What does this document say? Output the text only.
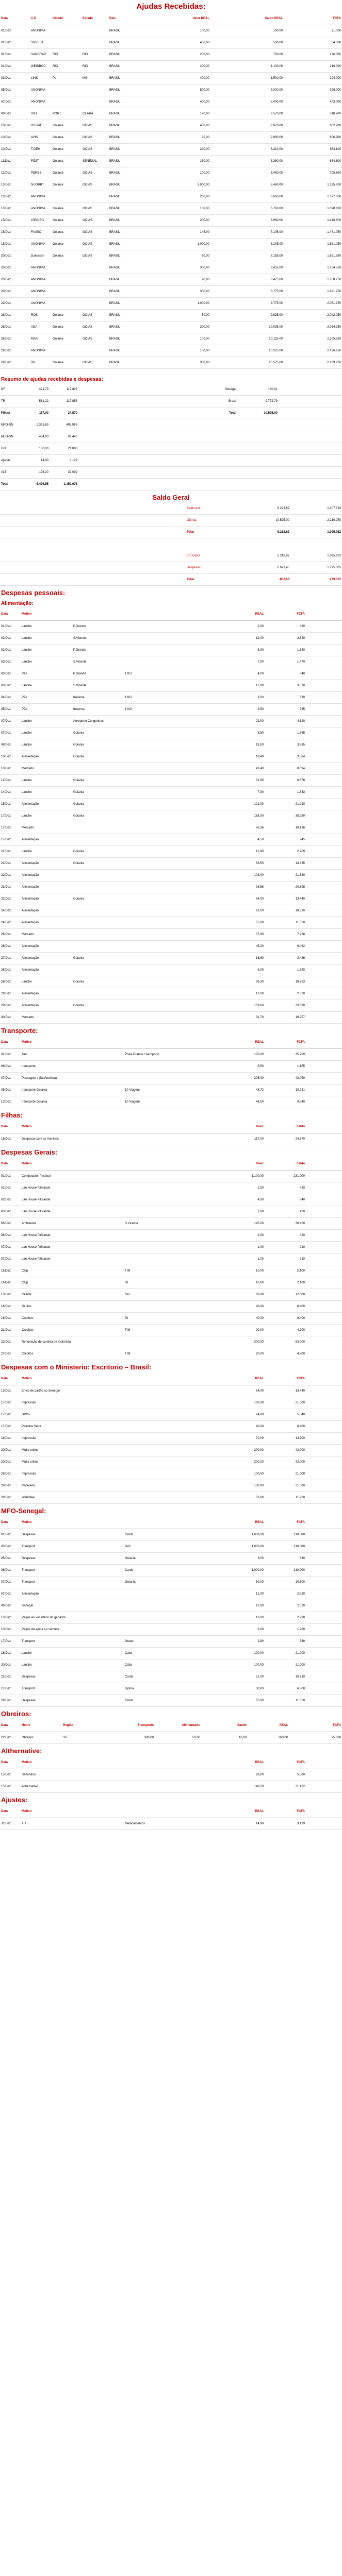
Ajudas Recebidas:
Data	C.P.	Cidade	Estado	País		Valor REAL		Saldo REAL	FCFA
01/Dez	ANONIMA			BRASIL		100,00		100,00	21.000
01/Dez	SILVEST			BRASIL		400,00		500,00	84.000
01/Dez	SANDRAP	RIO	RIO	BRASIL		200,00		700,00	126.000
01/Dez	WEIDBOC	RIO	RIO	BRASIL		400,00		1.100,00	210.000
03/Dez	LINK	PL	MG	BRASIL		400,00		1.500,00	294.000
05/Dez	ANONIMA			BRASIL		500,00		2.000,00	399.000
07/Dez	ANONIMA			BRASIL		400,00		2.400,00	483.000
09/Dez	IVEL	PORT	CEARÁ	BRASIL		170,00		2.570,00	518.700
10/Dez	IGEPAF	Goiania	GOIAS	BRASIL		400,00		2.970,00	602.700
10/Dez	AVIS	Goiania	GOIAS	BRASIL		20,00		2.990,00	606.900
10/Dez	T.GEM	Goiania	GOIAS	BRASIL		220,00		3.210,00	653.100
11/Dez	FIDIT	Goiania	SÉNEGAL	BRASIL		150,00		3.360,00	684.600
12/Dez	PERES	Goiania	GOIAS	BRASIL		100,00		3.460,00	705.600
13/Dez	NUORBT	Goiania	GOIAS	BRASIL		3.000,00		6.460,00	1.335.600
13/Dez	ANONIMA			BRASIL		200,00		6.660,00	1.377.600
13/Dez	ANONIMA	Goiania	GOIAS	BRASIL		100,00		6.760,00	1.398.600
15/Dez	CIEGIEG	Goiania	GOIAS	BRASIL		200,00		6.960,00	1.440.600
15/Dez	FAUSO	Goiania	GOIAS	BRASIL		145,00		7.105,00	1.471.050
18/Dez	ANONIMA	Goiania	GOIAS	BRASIL		1.000,00		8.105,00	1.681.050
20/Dez	Damasan	Goiania	GOIAS	BRASIL		50,00		8.155,00	1.691.550
20/Dez	ANONIMA			BRASIL		300,00		8.455,00	1.754.550
20/Dez	ANONIMA			BRASIL		20,00		8.475,00	1.758.750
20/Dez	ANONIMA			BRASIL		300,00		8.775,00	1.821.750
22/Dez	ANONIMA			BRASIL		1.000,00		9.775,00	2.031.750
28/Dez	ROS	Goiania	GOIAS	BRASIL		50,00		9.825,00	2.042.250
28/Dez	ADA	Goiania	GOIAS	BRASIL		200,00		10.025,00	2.084.250
28/Dez	MAS	Goiania	GOIAS	BRASIL		100,00		10.125,00	2.105.250
29/Dez	ANONIMA			BRASIL		100,00		10.225,00	2.126.250
29/Dez	DP	Goiania	GOIAS	BRASIL		300,00		10.525,00	2.189.250
Resumo de ajudas recebidas e despesas:
DF	421,79	117.823		Sénégal	160,01		
TR	561,22	117.853		Brasil	9.772,79		
Filhas	117,00	24.570		Total	10.525,00		
MFO-SN	2.361,69	495.955					
MFO-SN	464,00	97.440					
Gril	100,00	21.000					
Ajudas	14,90	3.129					
ALT	176,20	37.002					
Total	5.476,55	1.150.076					
Saldo Geral
	Saldo ant.	5.273,89	1.107.519
	Ofertas	10.525,00	2.210.250
	Total	5.218,82	1.095.952

	Em Caixa	5.218,82	1.095.952
	Despesas	6.071,45	1.275.005
	Total	-852,63	-179.053
Despesas pessoais:
Alimentação:
Data	Motivo			REAL	FCFA	
01/Dez	Lanche	P.Grande		2,00	420	
02/Dez	Lanche	S.Vicente		12,00	2.520	
02/Dez	Lanche	P.Grande		8,00	1.680	
03/Dez	Lanche	S.Vicente		7,00	1.470	
03/Dez	Pão	P.Grande	1 KG	4,00	840	
03/Dez	Lanche	S.Vicente		17,00	3.570	
04/Dez	Pão	Iracema	1 KG	3,00	630	
05/Dez	Pão	Iracema	1 KG	3,50	735	
07/Dez	Lanche	Aeroporto Congonhas		22,00	4.620	
07/Dez	Lanche	Goiania		8,50	1.785	
08/Dez	Lanche	Goiania		18,50	3.885	
10/Dez	Alimentação	Goiania		18,40	3.864	
10/Dez	Mercado			41,40	8.694	
12/Dez	Lanche	Goiania		31,80	6.678	
14/Dez	Lanche	Goiania		7,30	1.533	
15/Dez	Alimentação	Goiania		101,00	21.210	
17/Dez	Lanche	Goiania		168,00	35.280	
17/Dez	Mercado			86,36	18.136	
17/Dez	Alimentação			4,50	945	
21/Dez	Lanche	Goiania		12,90	2.709	
21/Dez	Alimentação	Goiania		63,50	13.335	
22/Dez	Alimentação			103,00	21.630	
23/Dez	Alimentação			98,56	20.698	
23/Dez	Alimentação	Goiania		64,00	13.440	
24/Dez	Alimentação			92,00	19.320	
24/Dez	Alimentação			55,00	11.550	
26/Dez	Mercado			37,80	7.938	
26/Dez	Alimentação			45,20	9.492	
27/Dez	Alimentação	Goiania		16,60	3.486	
28/Dez	Alimentação			9,00	1.890	
28/Dez	Lanche	Goiania		89,30	18.753	
29/Dez	Alimentação			12,00	2.520	
29/Dez	Alimentação	Goiania		159,00	33.390	
30/Dez	Mercado			91,70	19.257	
Transporte:
Data	Motivo		REAL	FCFA	
01/Dez	Taxi	Praia Grande / Aeroporto	170,00	35.700	
06/Dez	transporte		5,50	1.155	
07/Dez	Passagem / (SulAmérica)		205,00	43.050	
08/Dez	transporte Goiania	10 Viagens	48,72	10.231	
13/Dez	transporte Goiania	10 Viagens	44,00	9.240	
Filhas:
Data	Motivo		Valor	Saldo	
15/Dez	Despesas com as meninas		117,00	24.570	
Despesas Gerais:
Data	Motivo		Valor	Saldo	
01/Dez	Computador Pessoal		1.100,00	231.000	
01/Dez	Lan House P.Grande		2,00	420	
02/Dez	Lan House P.Grande		4,00	840	
03/Dez	Lan House P.Grande		2,00	420	
06/Dez	Ambientes	S.Vicente	145,00	30.450	
06/Dez	Lan House P.Grande		2,00	420	
07/Dez	Lan House P.Grande		1,00	210	
07/Dez	Lan House P.Grande		1,00	210	
11/Dez	Chip	TIM	10,00	2.100	
11/Dez	Chip	DI	10,00	2.100	
13/Dez	Celular	Cel	60,00	12.600	
16/Dez	Óculos		40,00	8.400	
18/Dez	Créditos	DI	40,00	8.400	
21/Dez	Créditos	TIM	20,00	4.200	
22/Dez	Renovação de carteira de motorista		300,00	63.000	
27/Dez	Créditos	TIM	20,00	4.200	
Despesas com o Ministerio: Escritorio – Brasil:
Data	Motivo		REAL	FCFA	
13/Dez	Envio de cartão ao Senegal		64,00	13.440	
17/Dez	Impressão		100,00	21.000	
17/Dez	DVDs		24,00	5.040	
17/Dez	Palestra Setor		40,00	8.400	
18/Dez	Impressão		70,00	14.700	
20/Dez	Mídia online		200,00	42.000	
20/Dez	Mídia online		200,00	42.000	
26/Dez	Impressão		100,00	21.000	
28/Dez	Papelaria		100,00	21.000	
29/Dez	Websitee		56,00	11.760	
MFO-Senegal:
Data	Motivo		REAL	FCFA	
01/Dez	Despesas	Cardo	1.000,00	210.000	
03/Dez	Transport	Bird	1.000,00	210.000	
05/Dez	Despesas	Goiania	3,00	630	
06/Dez	Transport	Cardo	1.000,00	210.000	
07/Dez	Transport	Goiania	50,00	10.500	
07/Dez	Alimentação		12,00	2.520	
08/Dez	Senegal		12,00	2.520	
13/Dez	Pagas ao voluntário do ganador		13,00	2.730	
13/Dez	Pagos de ajuda no comuna		6,00	1.260	
17/Dez	Transport	Grupo	2,80	588	
18/Dez	Lanche	Cátia	100,00	21.000	
20/Dez	Lanche	Cátia	100,00	21.000	
22/Dez	Despesas	Cardo	51,00	10.710	
27/Dez	Transport	Djoma	30,00	6.300	
29/Dez	Despesas	Cardo	55,00	11.550	
Obreiros:
Data	Nome	Região	Transporte	Alimentação	Saúde	REAL	FCFA
22/Dez	Obreiros	SG	300,00	50,00	10,00	360,00	75.600
Althernative:
Data	Motivo		REAL	FCFA	
15/Dez	Seminário		28,00	5.880	
15/Dez	Althernative		148,20	31.122	
Ajustes:
Data	Motivo		REAL	FCFA	
31/Dez	TIT	Medicamentos	14,90	3.129	
